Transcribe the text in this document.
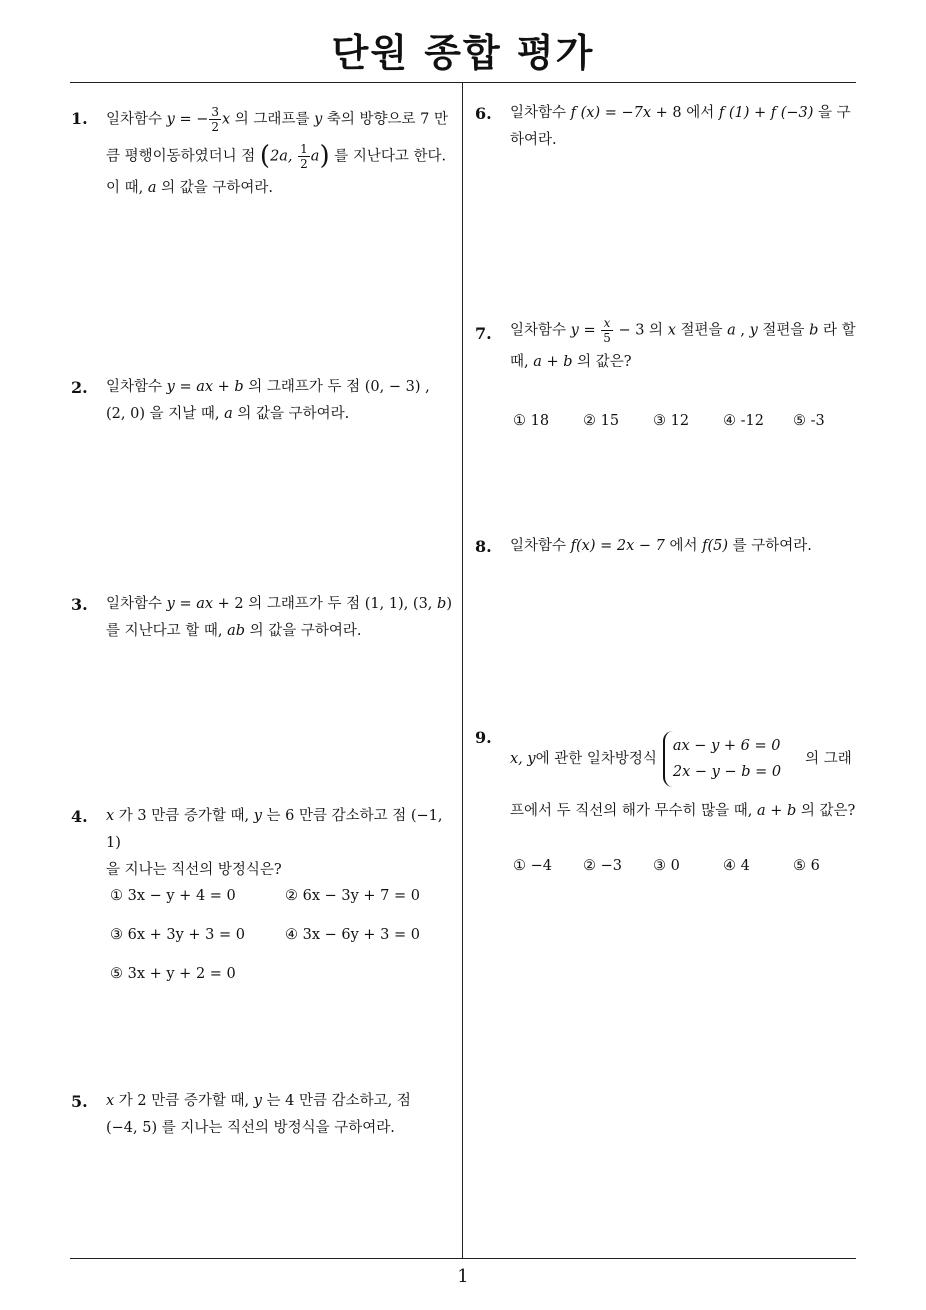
단원 종합 평가
1. 일차함수 y = − $\frac{3}{2}$ x 의 그래프를 y 축의 방향으로 7 만
큼 평행이동하였더니 점 (2a, $\frac{1}{2} a$) 를 지난다고 한다.
이 때, a 의 값을 구하여라.
2. 일차함수 y = ax + b 의 그래프가 두 점 (0, − 3) ,
(2, 0) 을 지날 때, a 의 값을 구하여라.
3. 일차함수 y = ax + 2 의 그래프가 두 점 (1, 1), (3, b)
를 지난다고 할 때, ab 의 값을 구하여라.
4. x 가 3 만큼 증가할 때, y 는 6 만큼 감소하고 점 (−1, 1)
을 지나는 직선의 방정식은?
① 3x − y + 4 = 0	② 6x − 3y + 7 = 0
③ 6x + 3y + 3 = 0	④ 3x − 6y + 3 = 0
⑤ 3x + y + 2 = 0
5. x 가 2 만큼 증가할 때, y 는 4 만큼 감소하고, 점
(−4, 5) 를 지나는 직선의 방정식을 구하여라.
6. 일차함수 f (x) = −7x + 8 에서 f (1) + f (−3) 을 구
하여라.
7. 일차함수 $y = \frac{x}{5} - 3$ 의 x 절편을 a , y 절편을 b 라 할
때, a + b 의 값은?
① 18 ② 15 ③ 12 ④ -12 ⑤ -3
8. 일차함수 f(x) = 2x − 7 에서 f(5) 를 구하여라.
9.
x, y 에 관한 일차방정식
ax − y + 6 = 0
2x − y − b = 0
의 그래
프에서 두 직선의 해가 무수히 많을 때, a + b 의 값은?
① −4 ② −3 ③ 0	④ 4	⑤ 6
1
